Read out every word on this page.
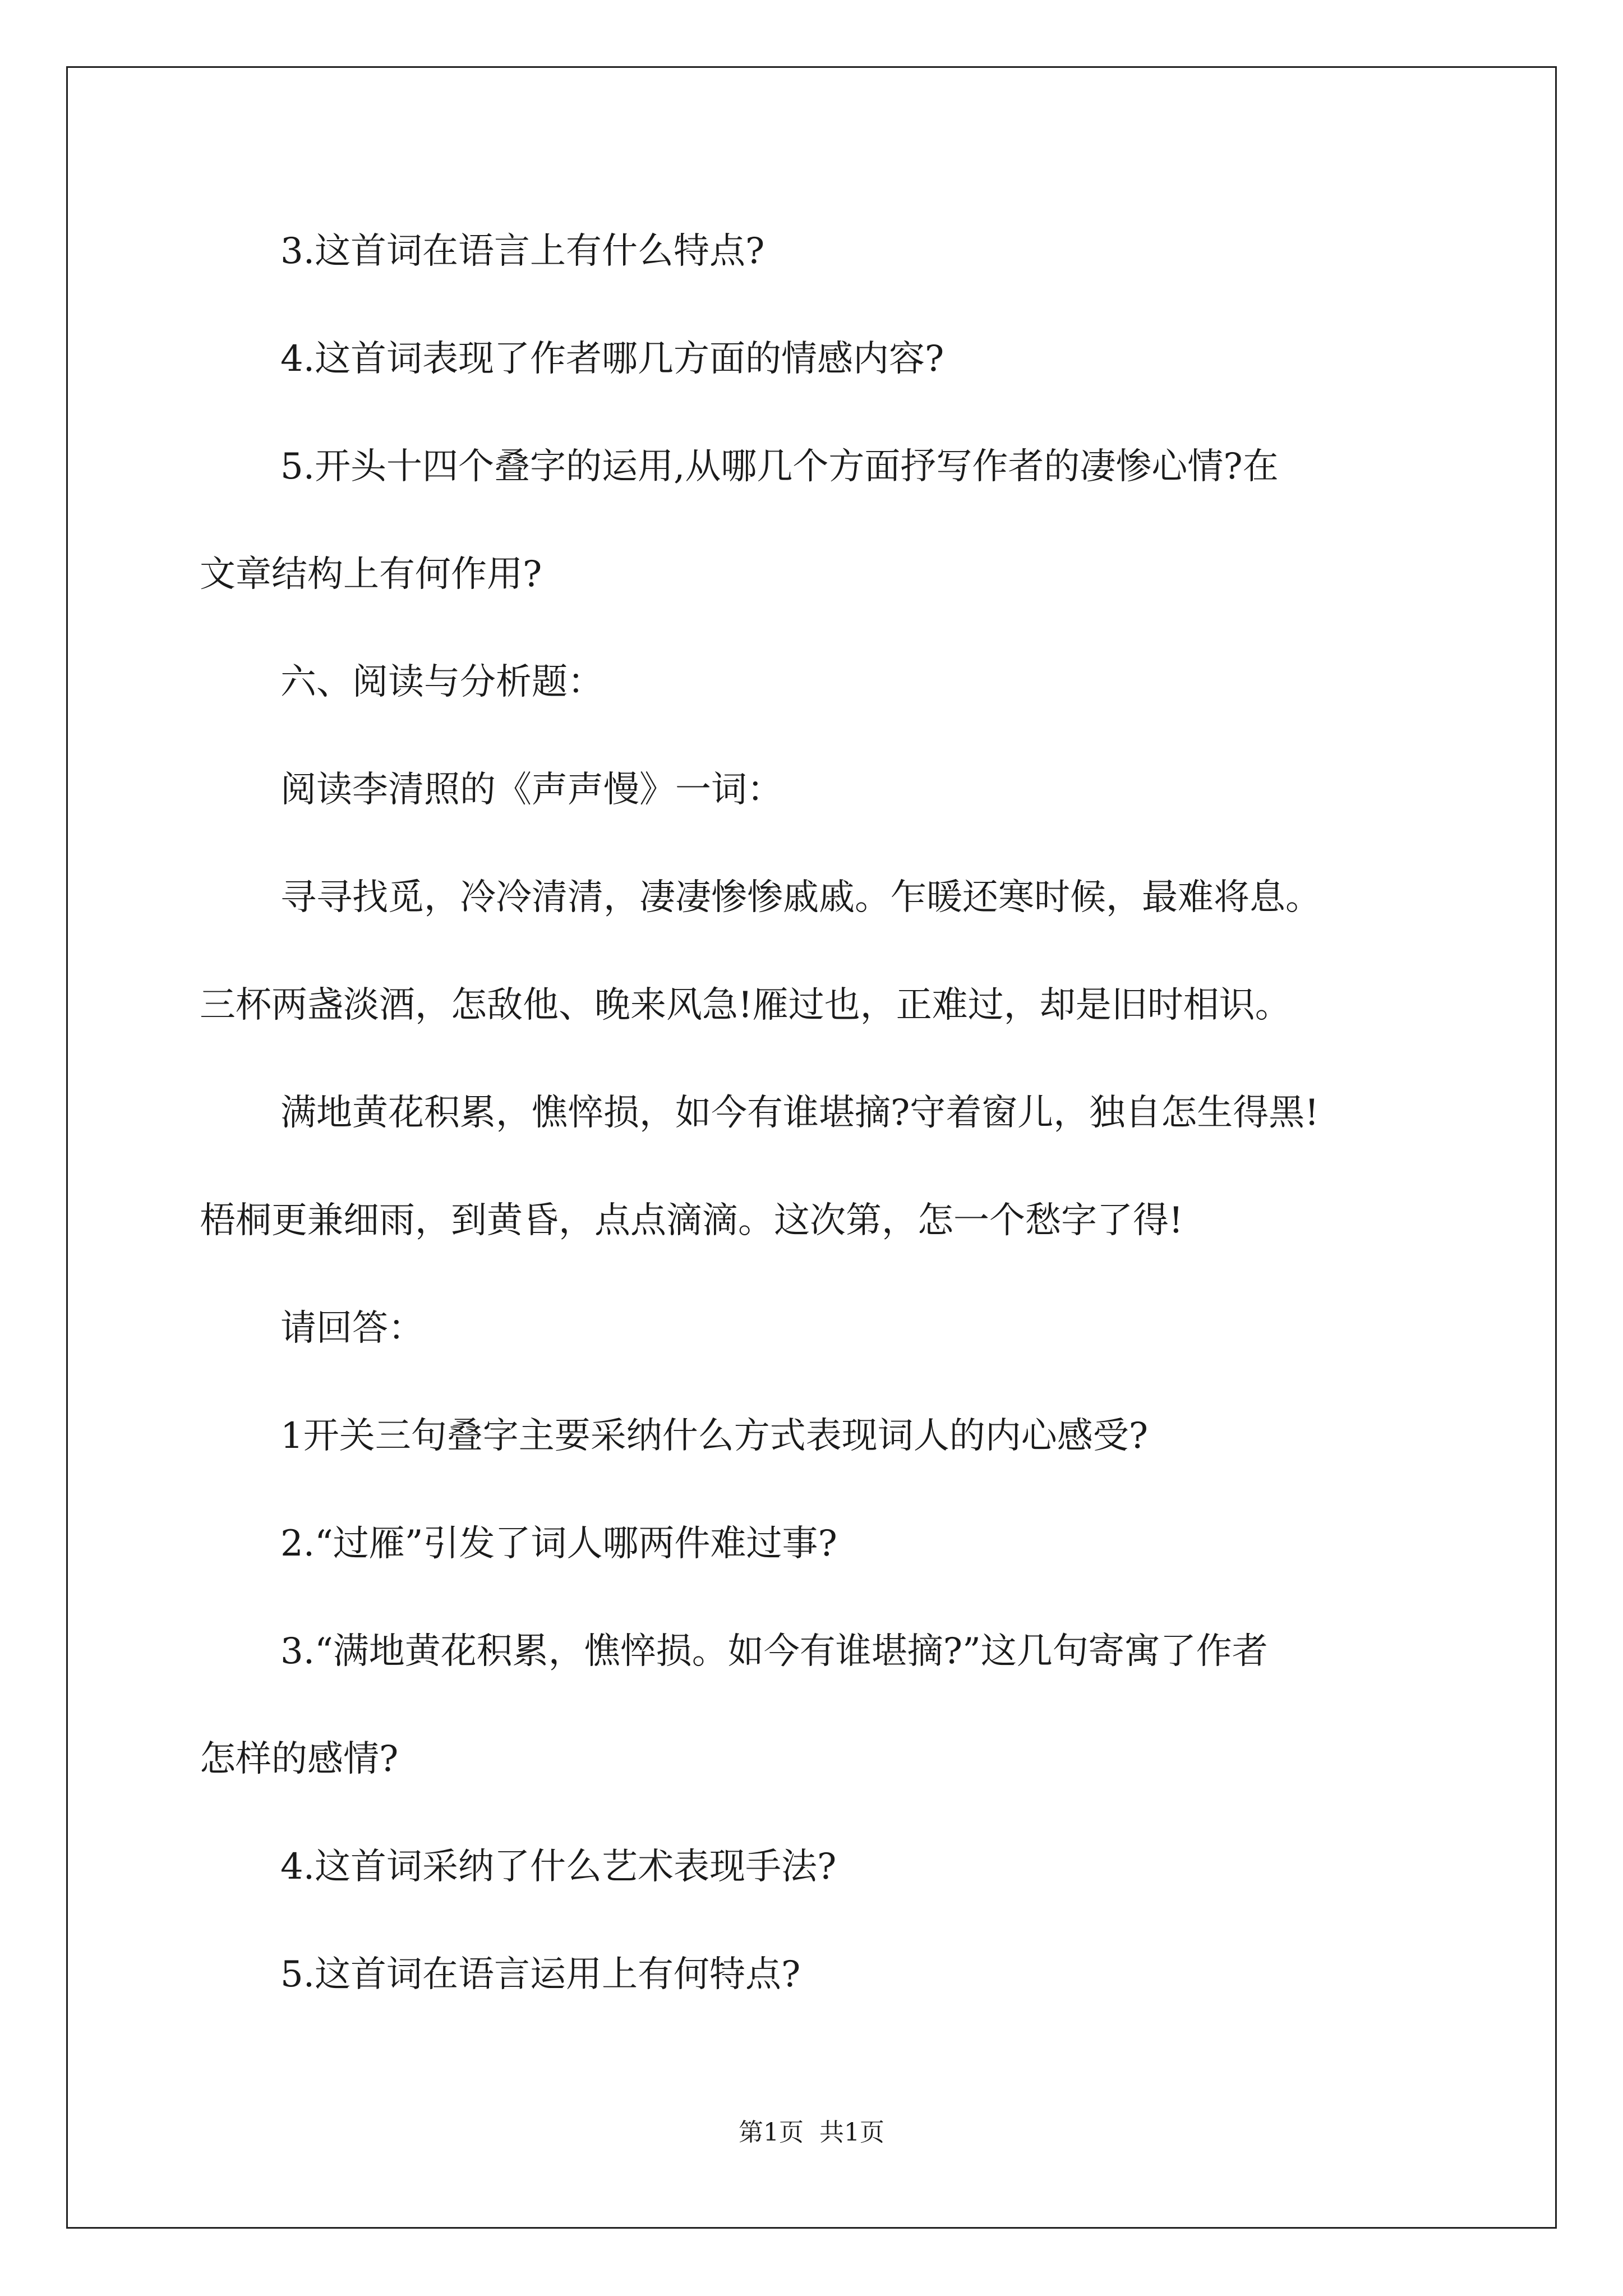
3.这首词在语言上有什么特点?

4.这首词表现了作者哪几方面的情感内容?

5.开头十四个叠字的运用,从哪几个方面抒写作者的凄惨心情?在

文章结构上有何作用?

六、阅读与分析题：

阅读李清照的《声声慢》一词：

寻寻找觅，冷冷清清，凄凄惨惨戚戚。乍暖还寒时候，最难将息。

三杯两盏淡酒，怎敌他、晚来风急!雁过也，正难过，却是旧时相识。

满地黄花积累，憔悴损，如今有谁堪摘?守着窗儿，独自怎生得黑!

梧桐更兼细雨，到黄昏，点点滴滴。这次第，怎一个愁字了得!

请回答：

1开关三句叠字主要采纳什么方式表现词人的内心感受?

2.“过雁”引发了词人哪两件难过事?

3.“满地黄花积累，憔悴损。如今有谁堪摘?”这几句寄寓了作者

怎样的感情?

4.这首词采纳了什么艺术表现手法?

5.这首词在语言运用上有何特点?

第1页  共1页
